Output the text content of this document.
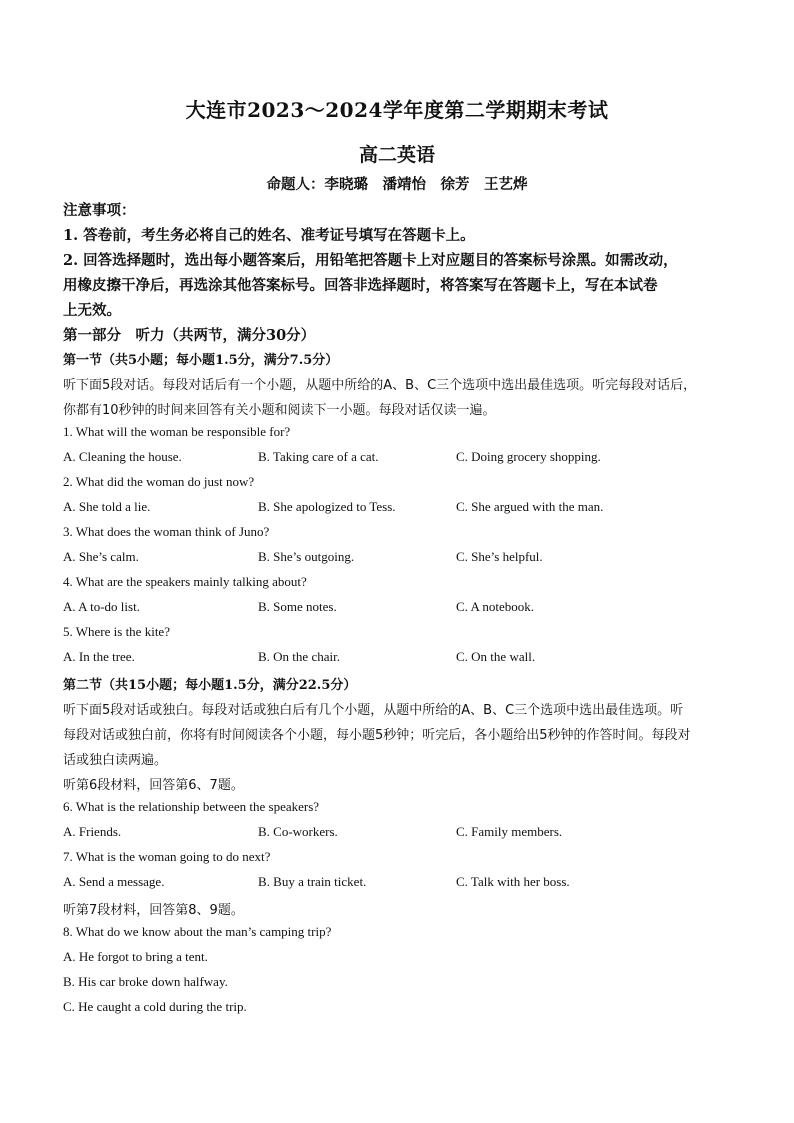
大连市2023～2024学年度第二学期期末考试
高二英语
命题人：李晓璐　潘靖怡　徐芳　王艺烨
注意事项：
1. 答卷前，考生务必将自己的姓名、准考证号填写在答题卡上。
2. 回答选择题时，选出每小题答案后，用铅笔把答题卡上对应题目的答案标号涂黑。如需改动，
用橡皮擦干净后，再选涂其他答案标号。回答非选择题时，将答案写在答题卡上，写在本试卷
上无效。
第一部分　听力（共两节，满分30分）
第一节（共5小题；每小题1.5分，满分7.5分）
听下面5段对话。每段对话后有一个小题，从题中所给的A、B、C三个选项中选出最佳选项。听完每段对话后，
你都有10秒钟的时间来回答有关小题和阅读下一小题。每段对话仅读一遍。
1. What will the woman be responsible for?
A. Cleaning the house.	B. Taking care of a cat.	C. Doing grocery shopping.
2. What did the woman do just now?
A. She told a lie.	B. She apologized to Tess.	C. She argued with the man.
3. What does the woman think of Juno?
A. She’s calm.	B. She’s outgoing.	C. She’s helpful.
4. What are the speakers mainly talking about?
A. A to-do list.	B. Some notes.	C. A notebook.
5. Where is the kite?
A. In the tree.	B. On the chair.	C. On the wall.
第二节（共15小题；每小题1.5分，满分22.5分）
听下面5段对话或独白。每段对话或独白后有几个小题，从题中所给的A、B、C三个选项中选出最佳选项。听
每段对话或独白前，你将有时间阅读各个小题，每小题5秒钟；听完后，各小题给出5秒钟的作答时间。每段对
话或独白读两遍。
听第6段材料，回答第6、7题。
6. What is the relationship between the speakers?
A. Friends.	B. Co-workers.	C. Family members.
7. What is the woman going to do next?
A. Send a message.	B. Buy a train ticket.	C. Talk with her boss.
听第7段材料，回答第8、9题。
8. What do we know about the man’s camping trip?
A. He forgot to bring a tent.
B. His car broke down halfway.
C. He caught a cold during the trip.
